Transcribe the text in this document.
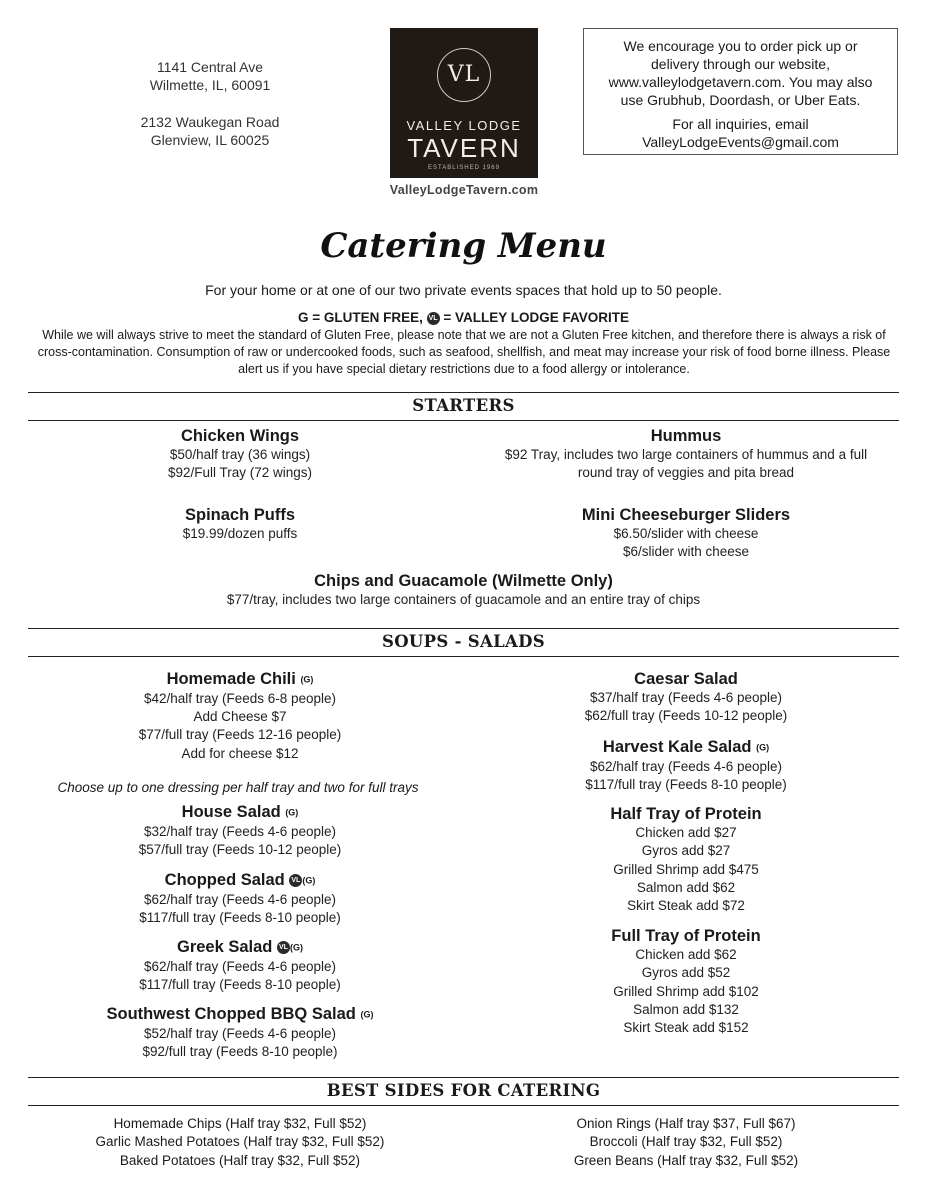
1141 Central Ave
Wilmette, IL, 60091
2132 Waukegan Road
Glenview, IL 60025
VL
VALLEY LODGE
TAVERN
ESTABLISHED 1969
ValleyLodgeTavern.com

We encourage you to order pick up or

delivery through our website,

www.valleylodgetavern.com. You may also

use Grubhub, Doordash, or Uber Eats.

For all inquiries, email

ValleyLodgeEvents@gmail.com

Catering Menu
For your home or at one of our two private events spaces that hold up to 50 people.
G = GLUTEN FREE, VL = VALLEY LODGE FAVORITE
While we will always strive to meet the standard of Gluten Free, please note that we are not a Gluten Free kitchen, and therefore there is always a risk of cross-contamination. Consumption of raw or undercooked foods, such as seafood, shellfish, and meat may increase your risk of food borne illness. Please alert us if you have special dietary restrictions due to a food allergy or intolerance.
STARTERS
Chicken Wings
$50/half tray (36 wings)
$92/Full Tray (72 wings)
Hummus
$92 Tray, includes two large containers of hummus and a full
round tray of veggies and pita bread
Spinach Puffs
$19.99/dozen puffs
Mini Cheeseburger Sliders
$6.50/slider with cheese
$6/slider with cheese
Chips and Guacamole (Wilmette Only)
$77/tray, includes two large containers of guacamole and an entire tray of chips
SOUPS - SALADS
Homemade Chili (G)
$42/half tray (Feeds 6-8 people)
Add Cheese $7
$77/full tray (Feeds 12-16 people)
Add for cheese $12
Choose up to one dressing per half tray and two for full trays
House Salad (G)
$32/half tray (Feeds 4-6 people)
$57/full tray (Feeds 10-12 people)
Chopped Salad VL (G)
$62/half tray (Feeds 4-6 people)
$117/full tray (Feeds 8-10 people)
Greek Salad VL (G)
$62/half tray (Feeds 4-6 people)
$117/full tray (Feeds 8-10 people)
Southwest Chopped BBQ Salad (G)
$52/half tray (Feeds 4-6 people)
$92/full tray (Feeds 8-10 people)
Caesar Salad
$37/half tray (Feeds 4-6 people)
$62/full tray (Feeds 10-12 people)
Harvest Kale Salad (G)
$62/half tray (Feeds 4-6 people)
$117/full tray (Feeds 8-10 people)
Half Tray of Protein
Chicken add $27
Gyros add $27
Grilled Shrimp add $475
Salmon add $62
Skirt Steak add $72
Full Tray of Protein
Chicken add $62
Gyros add $52
Grilled Shrimp add $102
Salmon add $132
Skirt Steak add $152
BEST SIDES FOR CATERING
Homemade Chips (Half tray $32, Full $52)
Garlic Mashed Potatoes (Half tray $32, Full $52)
Baked Potatoes (Half tray $32, Full $52)
Onion Rings (Half tray $37, Full $67)
Broccoli (Half tray $32, Full $52)
Green Beans (Half tray $32, Full $52)
